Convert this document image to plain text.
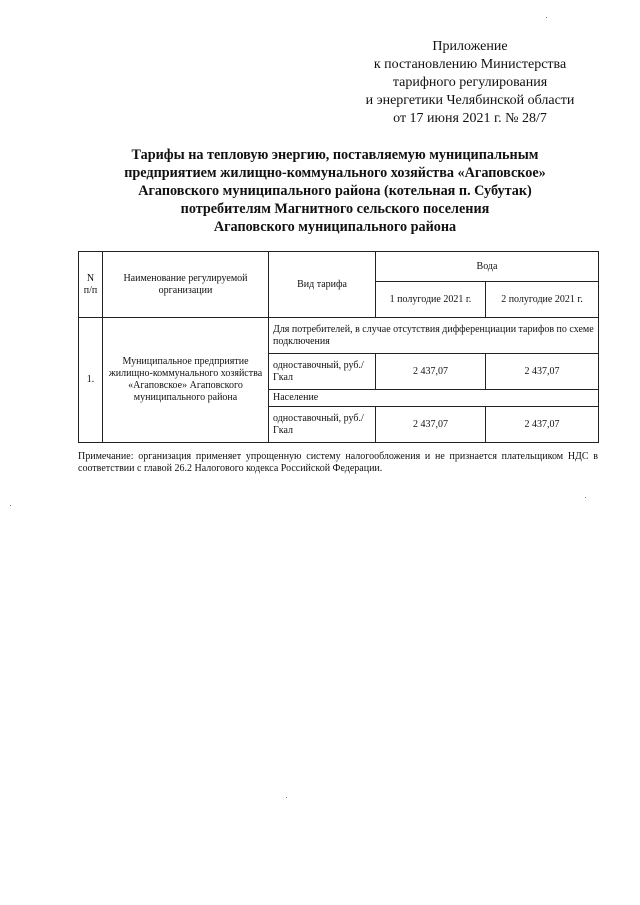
Приложение
к постановлению Министерства
тарифного регулирования
и энергетики Челябинской области
от 17 июня 2021 г. № 28/7
Тарифы на тепловую энергию, поставляемую муниципальным
предприятием жилищно-коммунального хозяйства «Агаповское»
Агаповского муниципального района (котельная п. Субутак)
потребителям Магнитного сельского поселения
Агаповского муниципального района
N п/п	Наименование регулируемой организации	Вид тарифа	Вода	
			1 полугодие 2021 г.	2 полугодие 2021 г.
1.	Муниципальное предприятие жилищно-коммунального хозяйства «Агаповское» Агаповского муниципального района	Для потребителей, в случае отсутствия дифференциации тарифов по схеме подключения		
		одноставочный, руб./Гкал	2 437,07	2 437,07
		Население		
		одноставочный, руб./Гкал	2 437,07	2 437,07
Примечание: организация применяет упрощенную систему налогообложения и не признается плательщиком НДС в соответствии с главой 26.2 Налогового кодекса Российской Федерации.
